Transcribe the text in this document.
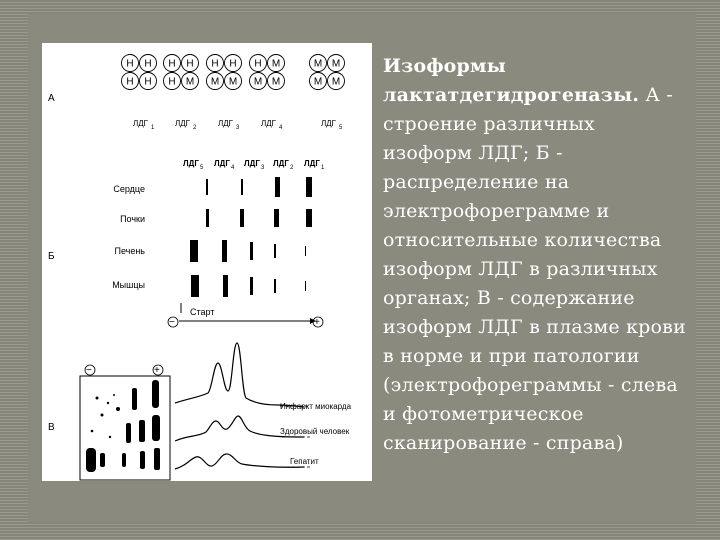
А
Н Н
Н Н
Н Н
Н М
Н Н
М М
Н М
М М
М М
М М
ЛДГ 1	ЛДГ 2	ЛДГ 3	ЛДГ 4	ЛДГ 5
Б
ЛДГ 5 ЛДГ 4 ЛДГ 3 ЛДГ 2 ЛДГ 1
Сердце
Почки
Печень
Мышцы
Старт
−	+
В
−	+
Инфаркт миокарда
Здоровый человек
Гепатит
Изоформы лактатдегидрогеназы. А - строение различных изоформ ЛДГ; Б - распределение на электрофореграмме и относительные количества изоформ ЛДГ в различных органах; В - содержание изоформ ЛДГ в плазме крови в норме и при патологии (электрофореграммы - слева и фотометрическое сканирование - справа)
